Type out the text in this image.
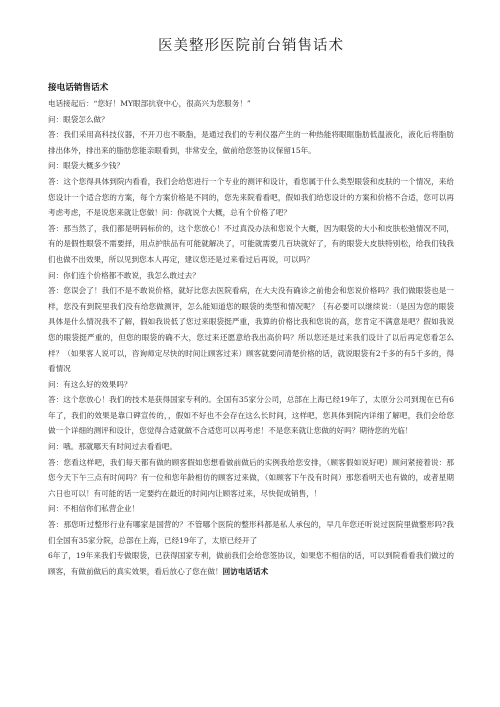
医美整形医院前台销售话术

接电话销售话术

电话接起后：“您好！MY眼部抗衰中心，很高兴为您服务！”

问：眼袋怎么做？

答：我们采用高科技仪器，不开刀也不吸脂，是通过我们的专利仪器产生的一种热能将眼眶脂肪低温液化，液化后将脂肪排出体外，排出来的脂肪您能亲眼看到，非常安全，做前给您签协议保留15年。

问：眼袋大概多少钱？

答：这个您得具体到院内看看，我们会给您进行一个专业的测评和设计，看您属于什么类型眼袋和皮肤的一个情况，来给您设计一个适合您的方案，每个方案价格是不同的，您先来院看看吧，假如我们给您设计的方案和价格不合适，您可以再考虑考虑，不是说您来就让您做！问：你就说个大概，总有个价格了吧？

答：那当然了，我们都是明码标价的，这个您放心！不过真没办法和您说个大概，因为眼袋的大小和皮肤松弛情况不同，有的是假性眼袋不需要择，用点护肤品有可能就解决了，可能就需要几百块就好了，有的眼袋大皮肤特别松，给我们钱我们也做不出效果，所以见到您本人再定，建议您还是过来看过后再说，可以吗？

问：你们连个价格都不敢说，我怎么敢过去？

答：您误会了！我们不是不敢说价格，就好比您去医院看病，在大夫没有确诊之前他会和您说价格吗？我们做眼袋也是一样，您没有到院里我们没有给您做测评，怎么能知道您的眼袋的类型和情况呢？｛有必要可以继续说：（是因为您的眼袋具体是什么情况我不了解，假如我说低了您过来眼袋挺严重，我算的价格比我和您说的高，您肯定不满意是吧？假如我说您的眼袋挺严重的，但您的眼袋的确不大，您过来还愿意给我出高价吗？所以您还是过来我们设计了以后再定您看怎么样？（如果客人说可以，咨询师定尽快的时间让顾客过来）顾客就要问清楚价格的话，就说眼袋有2千多的有5千多的，得看情况

问：有这么好的效果吗？

答：这个您放心！我们的技术是获得国家专利的。全国有35家分公司，总部在上海已经19年了，太原分公司到现在已有6年了，我们的效果是靠口碑宣传的，，假如不好也不会存在这么长时间，这样吧，您具体到院内详细了解吧，我们会给您做一个详细的测评和设计，您觉得合适就做不合适您可以再考虑！不是您来就让您做的好吗？期待您的光临！

问：哦。那就哪天有时间过去看看吧。

答：您看这样吧，我们每天都有做的顾客假如您想看做前做后的实例我给您安排，（顾客假如说好吧）顾问紧接着说：那您今天下午三点有时间吗？有一位和您年龄相仿的顾客过来做，（如顾客下午没有时间）那您看明天也有做的，或者星期六日也可以！有可能的话一定要约在最近的时间内让顾客过来，尽快促成销售，！

问：不相信你们私营企业！

答：那您听过整形行业有哪家是国营的？不管哪个医院的整形科都是私人承包的，早几年您还听说过医院里做整形吗?我们全国有35家分院，总部在上海，已经19年了，太原已经开了

6年了，19年来我们专做眼袋，已获得国家专利，做前我们会给您签协议，如果您不相信的话，可以到院看看我们做过的顾客，有做前做后的真实效果，看后放心了您在做！回访电话话术
